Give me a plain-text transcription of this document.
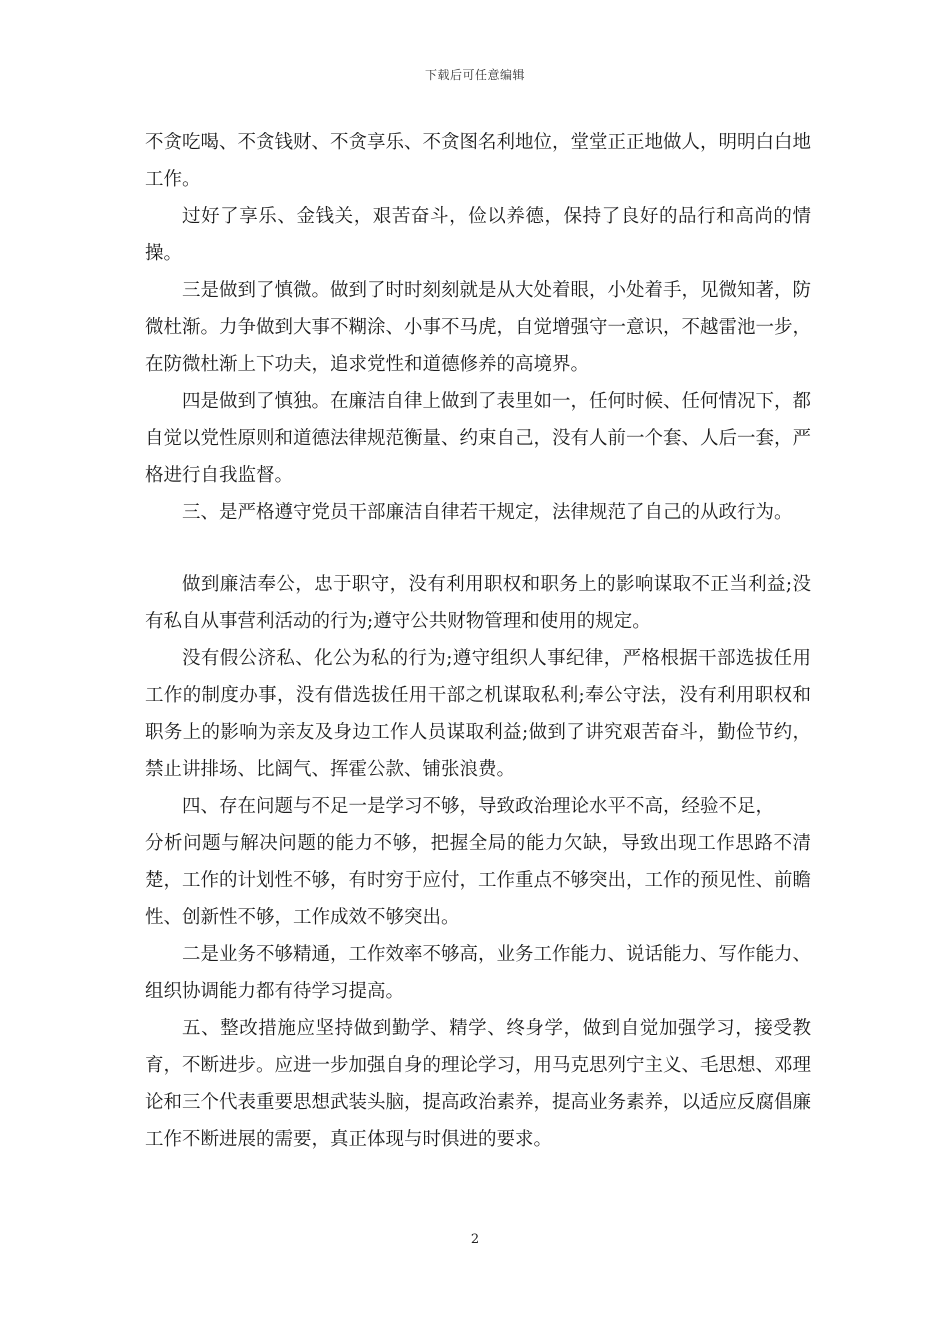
下载后可任意编辑

不贪吃喝、不贪钱财、不贪享乐、不贪图名利地位，堂堂正正地做人，明明白白地工作。

过好了享乐、金钱关，艰苦奋斗，俭以养德，保持了良好的品行和高尚的情操。

三是做到了慎微。做到了时时刻刻就是从大处着眼，小处着手，见微知著，防微杜渐。力争做到大事不糊涂、小事不马虎，自觉增强守一意识，不越雷池一步，在防微杜渐上下功夫，追求党性和道德修养的高境界。

四是做到了慎独。在廉洁自律上做到了表里如一，任何时候、任何情况下，都自觉以党性原则和道德法律规范衡量、约束自己，没有人前一个套、人后一套，严格进行自我监督。

三、是严格遵守党员干部廉洁自律若干规定，法律规范了自己的从政行为。

做到廉洁奉公，忠于职守，没有利用职权和职务上的影响谋取不正当利益;没有私自从事营利活动的行为;遵守公共财物管理和使用的规定。

没有假公济私、化公为私的行为;遵守组织人事纪律，严格根据干部选拔任用工作的制度办事，没有借选拔任用干部之机谋取私利;奉公守法，没有利用职权和职务上的影响为亲友及身边工作人员谋取利益;做到了讲究艰苦奋斗，勤俭节约，禁止讲排场、比阔气、挥霍公款、铺张浪费。

四、存在问题与不足一是学习不够，导致政治理论水平不高，经验不足，

分析问题与解决问题的能力不够，把握全局的能力欠缺，导致出现工作思路不清楚，工作的计划性不够，有时穷于应付，工作重点不够突出，工作的预见性、前瞻性、创新性不够，工作成效不够突出。

二是业务不够精通，工作效率不够高，业务工作能力、说话能力、写作能力、组织协调能力都有待学习提高。

五、整改措施应坚持做到勤学、精学、终身学，做到自觉加强学习，接受教育，不断进步。应进一步加强自身的理论学习，用马克思列宁主义、毛思想、邓理论和三个代表重要思想武装头脑，提高政治素养，提高业务素养，以适应反腐倡廉工作不断进展的需要，真正体现与时俱进的要求。

2
